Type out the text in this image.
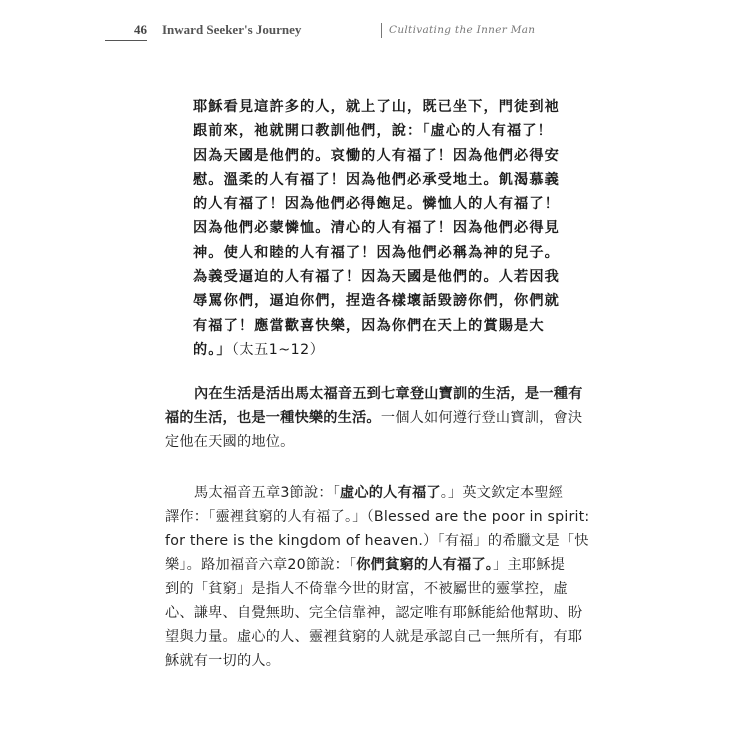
46 Inward Seeker's Journey	Cultivating the Inner Man
耶穌看見這許多的人，就上了山，既已坐下，門徒到祂
跟前來，祂就開口教訓他們，說：「虛心的人有福了！
因為天國是他們的。哀慟的人有福了！因為他們必得安
慰。溫柔的人有福了！因為他們必承受地土。飢渴慕義
的人有福了！因為他們必得飽足。憐恤人的人有福了！
因為他們必蒙憐恤。清心的人有福了！因為他們必得見
神。使人和睦的人有福了！因為他們必稱為神的兒子。
為義受逼迫的人有福了！因為天國是他們的。人若因我
辱罵你們，逼迫你們，捏造各樣壞話毀謗你們，你們就
有福了！應當歡喜快樂，因為你們在天上的賞賜是大
的。」（太五1~12）
內在生活是活出馬太福音五到七章登山寶訓的生活，是一種有
福的生活，也是一種快樂的生活。一個人如何遵行登山寶訓，會決
定他在天國的地位。
馬太福音五章3節說：「虛心的人有福了。」英文欽定本聖經
譯作：「靈裡貧窮的人有福了。」（Blessed are the poor in spirit:
for there is the kingdom of heaven.）「有福」的希臘文是「快
樂」。路加福音六章20節說：「你們貧窮的人有福了。」主耶穌提
到的「貧窮」是指人不倚靠今世的財富，不被屬世的靈掌控，虛
心、謙卑、自覺無助、完全信靠神，認定唯有耶穌能給他幫助、盼
望與力量。虛心的人、靈裡貧窮的人就是承認自己一無所有，有耶
穌就有一切的人。
